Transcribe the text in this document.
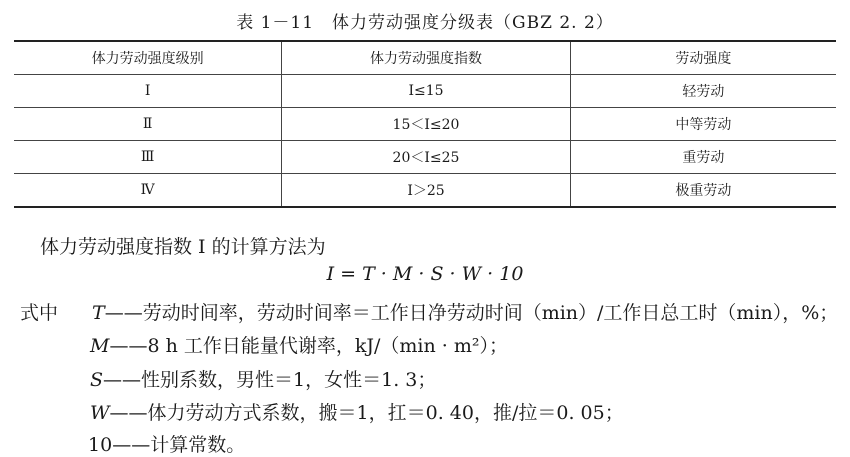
表 1－11　体力劳动强度分级表（GBZ 2. 2）
体力劳动强度级别	体力劳动强度指数	劳动强度
Ⅰ	I≤15	轻劳动
Ⅱ	15＜I≤20	中等劳动
Ⅲ	20＜I≤25	重劳动
Ⅳ	I＞25	极重劳动
体力劳动强度指数 I 的计算方法为
I = T · M · S · W · 10
式中 T——劳动时间率，劳动时间率＝工作日净劳动时间（min）/工作日总工时（min），%；
M——8 h 工作日能量代谢率，kJ/（min · m²）；
S——性别系数，男性＝1，女性＝1. 3；
W——体力劳动方式系数，搬＝1，扛＝0. 40，推/拉＝0. 05；
10——计算常数。
